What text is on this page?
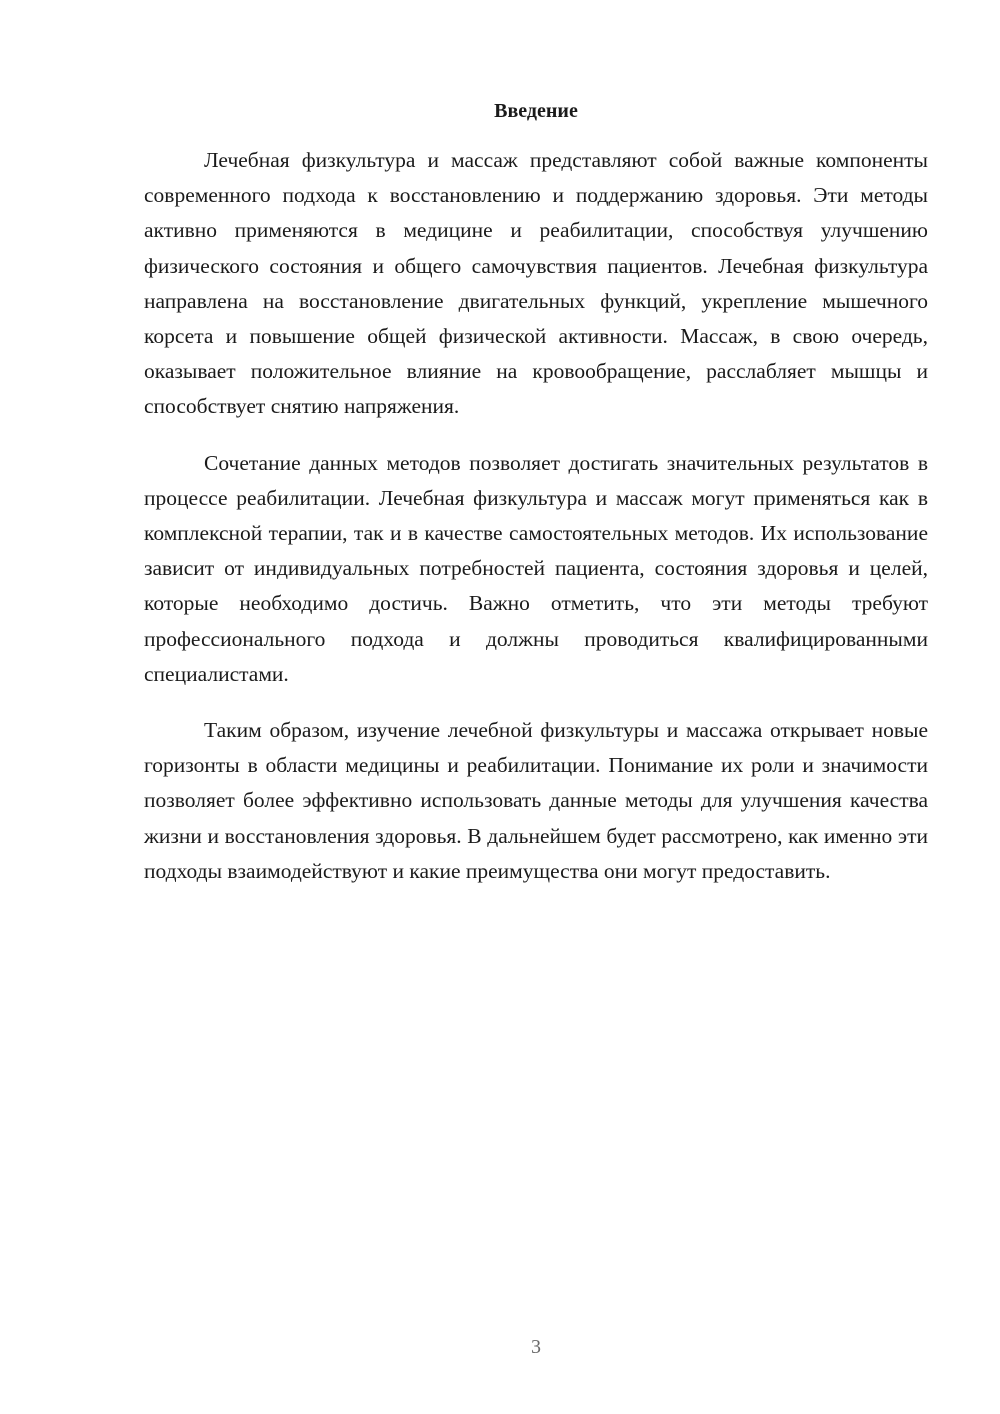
Введение

Лечебная физкультура и массаж представляют собой важные компоненты современного подхода к восстановлению и поддержанию здоровья. Эти методы активно применяются в медицине и реабилитации, способствуя улучшению физического состояния и общего самочувствия пациентов. Лечебная физкультура направлена на восстановление двигательных функций, укрепление мышечного корсета и повышение общей физической активности. Массаж, в свою очередь, оказывает положительное влияние на кровообращение, расслабляет мышцы и способствует снятию напряжения.

Сочетание данных методов позволяет достигать значительных результатов в процессе реабилитации. Лечебная физкультура и массаж могут применяться как в комплексной терапии, так и в качестве самостоятельных методов. Их использование зависит от индивидуальных потребностей пациента, состояния здоровья и целей, которые необходимо достичь. Важно отметить, что эти методы требуют профессионального подхода и должны проводиться квалифицированными специалистами.

Таким образом, изучение лечебной физкультуры и массажа открывает новые горизонты в области медицины и реабилитации. Понимание их роли и значимости позволяет более эффективно использовать данные методы для улучшения качества жизни и восстановления здоровья. В дальнейшем будет рассмотрено, как именно эти подходы взаимодействуют и какие преимущества они могут предоставить.

3
